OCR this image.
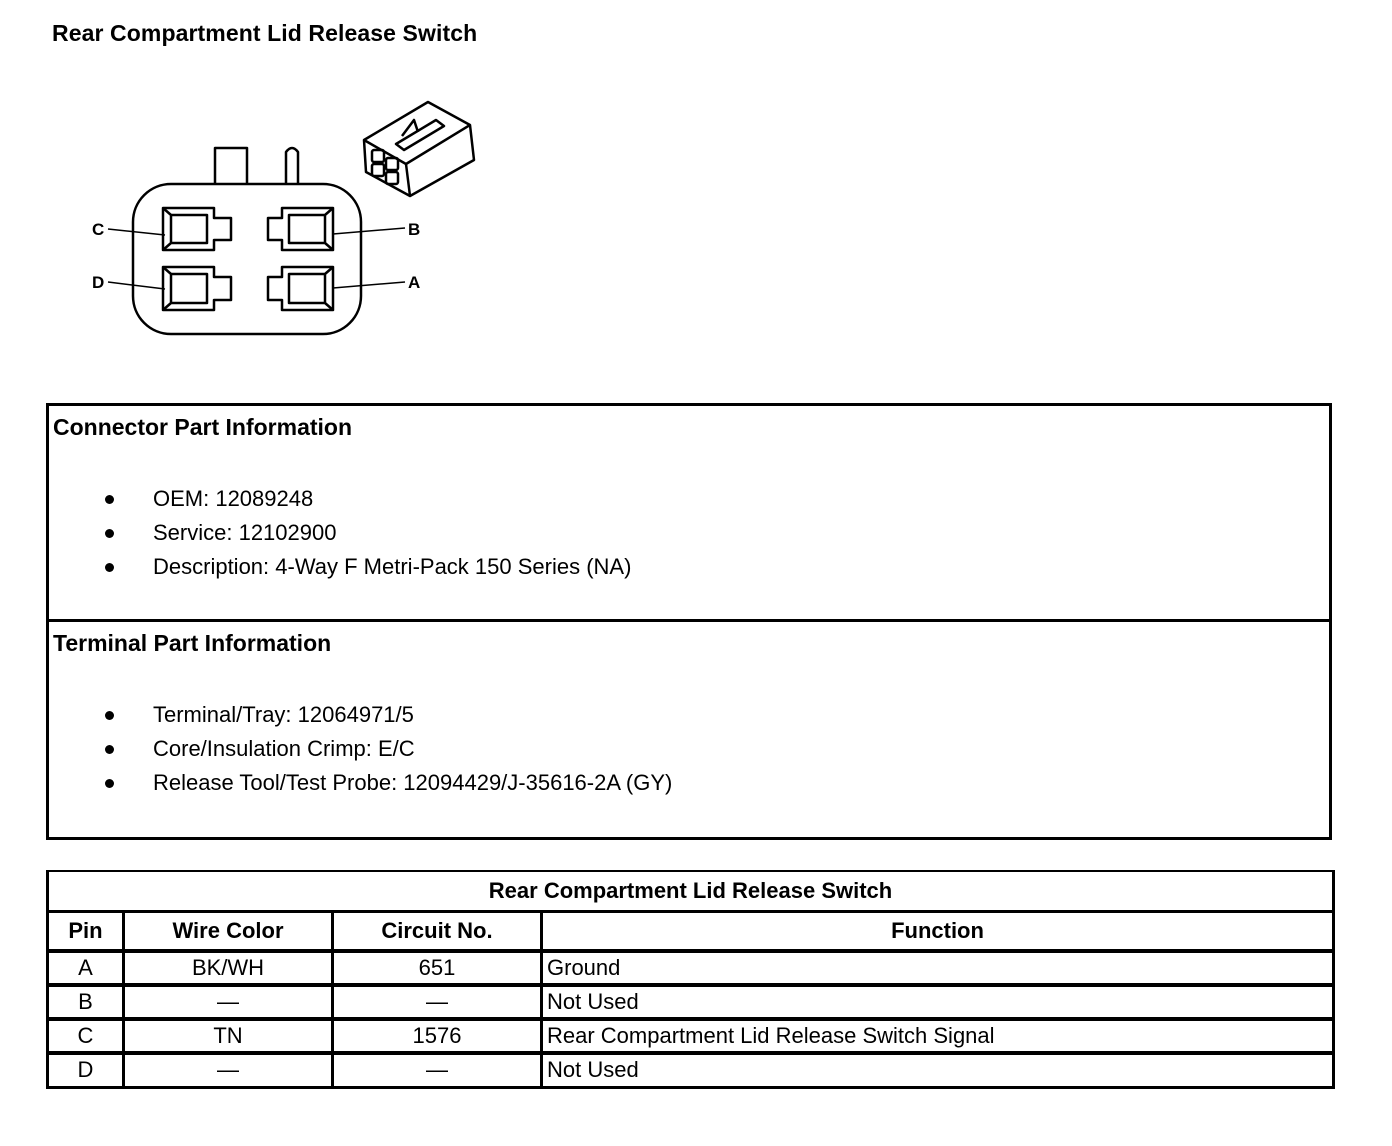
Rear Compartment Lid Release Switch
C	B
D	A
Connector Part Information
OEM: 12089248
Service: 12102900
Description: 4-Way F Metri-Pack 150 Series (NA)
Terminal Part Information
Terminal/Tray: 12064971/5
Core/Insulation Crimp: E/C
Release Tool/Test Probe: 12094429/J-35616-2A (GY)
Rear Compartment Lid Release Switch			
Pin	Wire Color	Circuit No.	Function
A	BK/WH	651	Ground
B	—	—	Not Used
C	TN	1576	Rear Compartment Lid Release Switch Signal
D	—	—	Not Used
